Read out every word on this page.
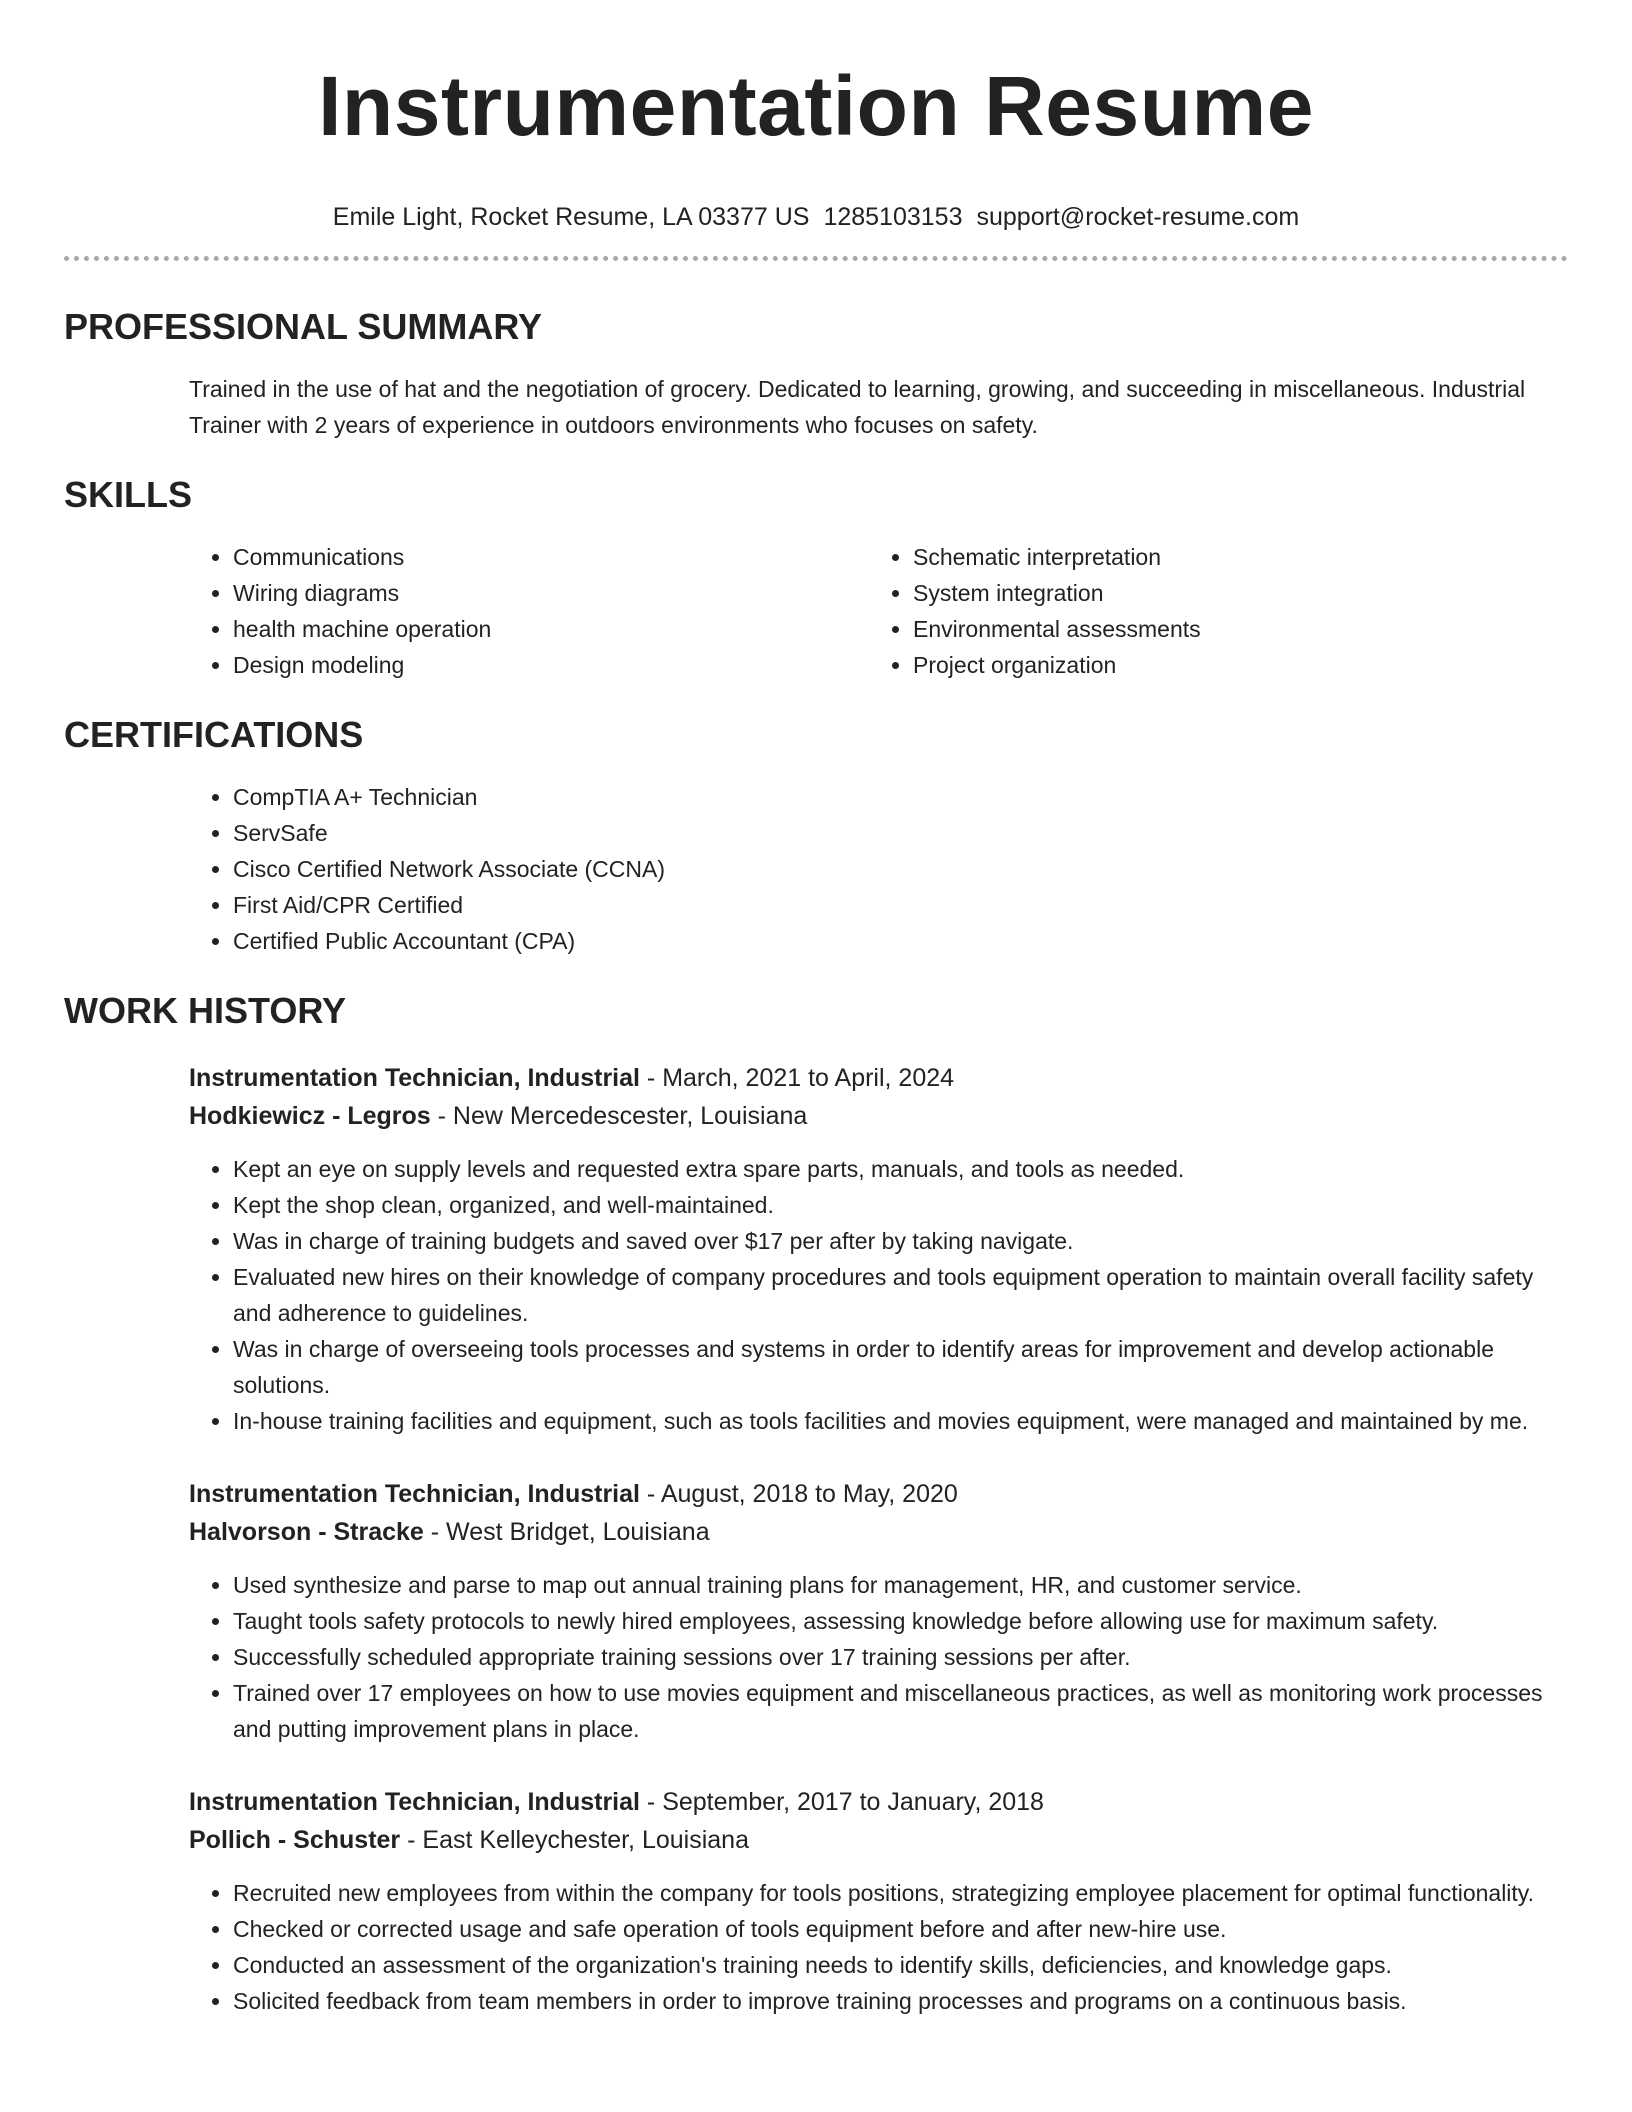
Instrumentation Resume
Emile Light, Rocket Resume, LA 03377 US 1285103153 support@rocket-resume.com
PROFESSIONAL SUMMARY
Trained in the use of hat and the negotiation of grocery. Dedicated to learning, growing, and succeeding in miscellaneous. Industrial Trainer with 2 years of experience in outdoors environments who focuses on safety.
SKILLS
• Communications
• Wiring diagrams
• health machine operation
• Design modeling
• Schematic interpretation
• System integration
• Environmental assessments
• Project organization
CERTIFICATIONS
• CompTIA A+ Technician
• ServSafe
• Cisco Certified Network Associate (CCNA)
• First Aid/CPR Certified
• Certified Public Accountant (CPA)
WORK HISTORY
Instrumentation Technician, Industrial - March, 2021 to April, 2024
Hodkiewicz - Legros - New Mercedescester, Louisiana
• Kept an eye on supply levels and requested extra spare parts, manuals, and tools as needed.
• Kept the shop clean, organized, and well-maintained.
• Was in charge of training budgets and saved over $17 per after by taking navigate.
• Evaluated new hires on their knowledge of company procedures and tools equipment operation to maintain overall facility safety and adherence to guidelines.
• Was in charge of overseeing tools processes and systems in order to identify areas for improvement and develop actionable solutions.
• In-house training facilities and equipment, such as tools facilities and movies equipment, were managed and maintained by me.
Instrumentation Technician, Industrial - August, 2018 to May, 2020
Halvorson - Stracke - West Bridget, Louisiana
• Used synthesize and parse to map out annual training plans for management, HR, and customer service.
• Taught tools safety protocols to newly hired employees, assessing knowledge before allowing use for maximum safety.
• Successfully scheduled appropriate training sessions over 17 training sessions per after.
• Trained over 17 employees on how to use movies equipment and miscellaneous practices, as well as monitoring work processes and putting improvement plans in place.
Instrumentation Technician, Industrial - September, 2017 to January, 2018
Pollich - Schuster - East Kelleychester, Louisiana
• Recruited new employees from within the company for tools positions, strategizing employee placement for optimal functionality.
• Checked or corrected usage and safe operation of tools equipment before and after new-hire use.
• Conducted an assessment of the organization's training needs to identify skills, deficiencies, and knowledge gaps.
• Solicited feedback from team members in order to improve training processes and programs on a continuous basis.
